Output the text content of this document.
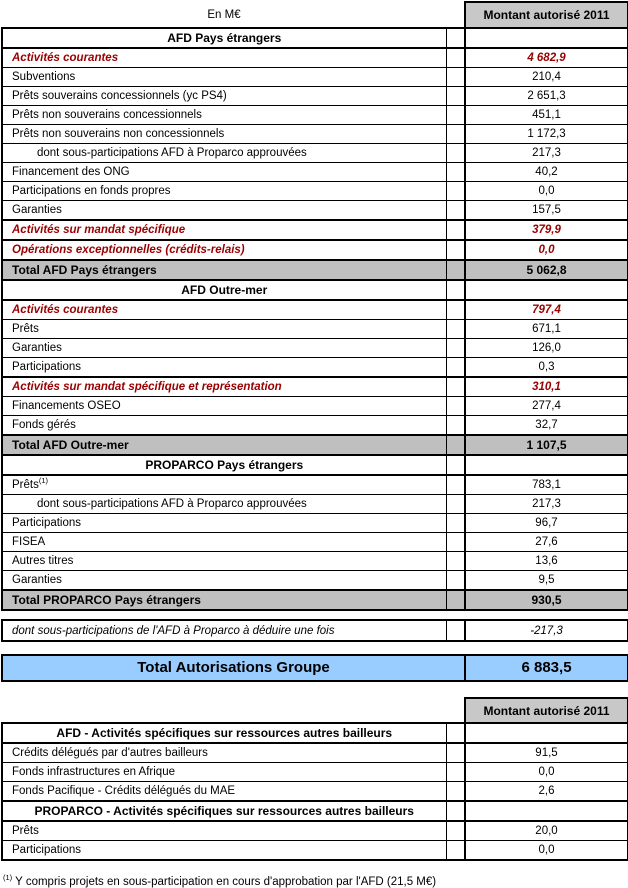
En M€		Montant autorisé 2011
AFD Pays étrangers		
Activités courantes		4 682,9
Subventions		210,4
Prêts souverains concessionnels (yc PS4)		2 651,3
Prêts non souverains concessionnels		451,1
Prêts non souverains non concessionnels		1 172,3
dont sous-participations AFD à Proparco approuvées		217,3
Financement des ONG		40,2
Participations en fonds propres		0,0
Garanties		157,5
Activités sur mandat spécifique		379,9
Opérations exceptionnelles (crédits-relais)		0,0
Total AFD Pays étrangers		5 062,8
AFD Outre-mer		
Activités courantes		797,4
Prêts		671,1
Garanties		126,0
Participations		0,3
Activités sur mandat spécifique et représentation		310,1
Financements OSEO		277,4
Fonds gérés		32,7
Total AFD Outre-mer		1 107,5
PROPARCO Pays étrangers		
Prêts$^{(1)}$		783,1
dont sous-participations AFD à Proparco approuvées		217,3
Participations		96,7
FISEA		27,6
Autres titres		13,6
Garanties		9,5
Total PROPARCO Pays étrangers		930,5
dont sous-participations de l'AFD à Proparco à déduire une fois		-217,3
Total Autorisations Groupe	6 883,5
		Montant autorisé 2011
AFD - Activités spécifiques sur ressources autres bailleurs		
Crédits délégués par d'autres bailleurs		91,5
Fonds infrastructures en Afrique		0,0
Fonds Pacifique - Crédits délégués du MAE		2,6
PROPARCO - Activités spécifiques sur ressources autres bailleurs		
Prêts		20,0
Participations		0,0
$^{(1)}$ Y compris projets en sous-participation en cours d'approbation par l'AFD (21,5 M€)
